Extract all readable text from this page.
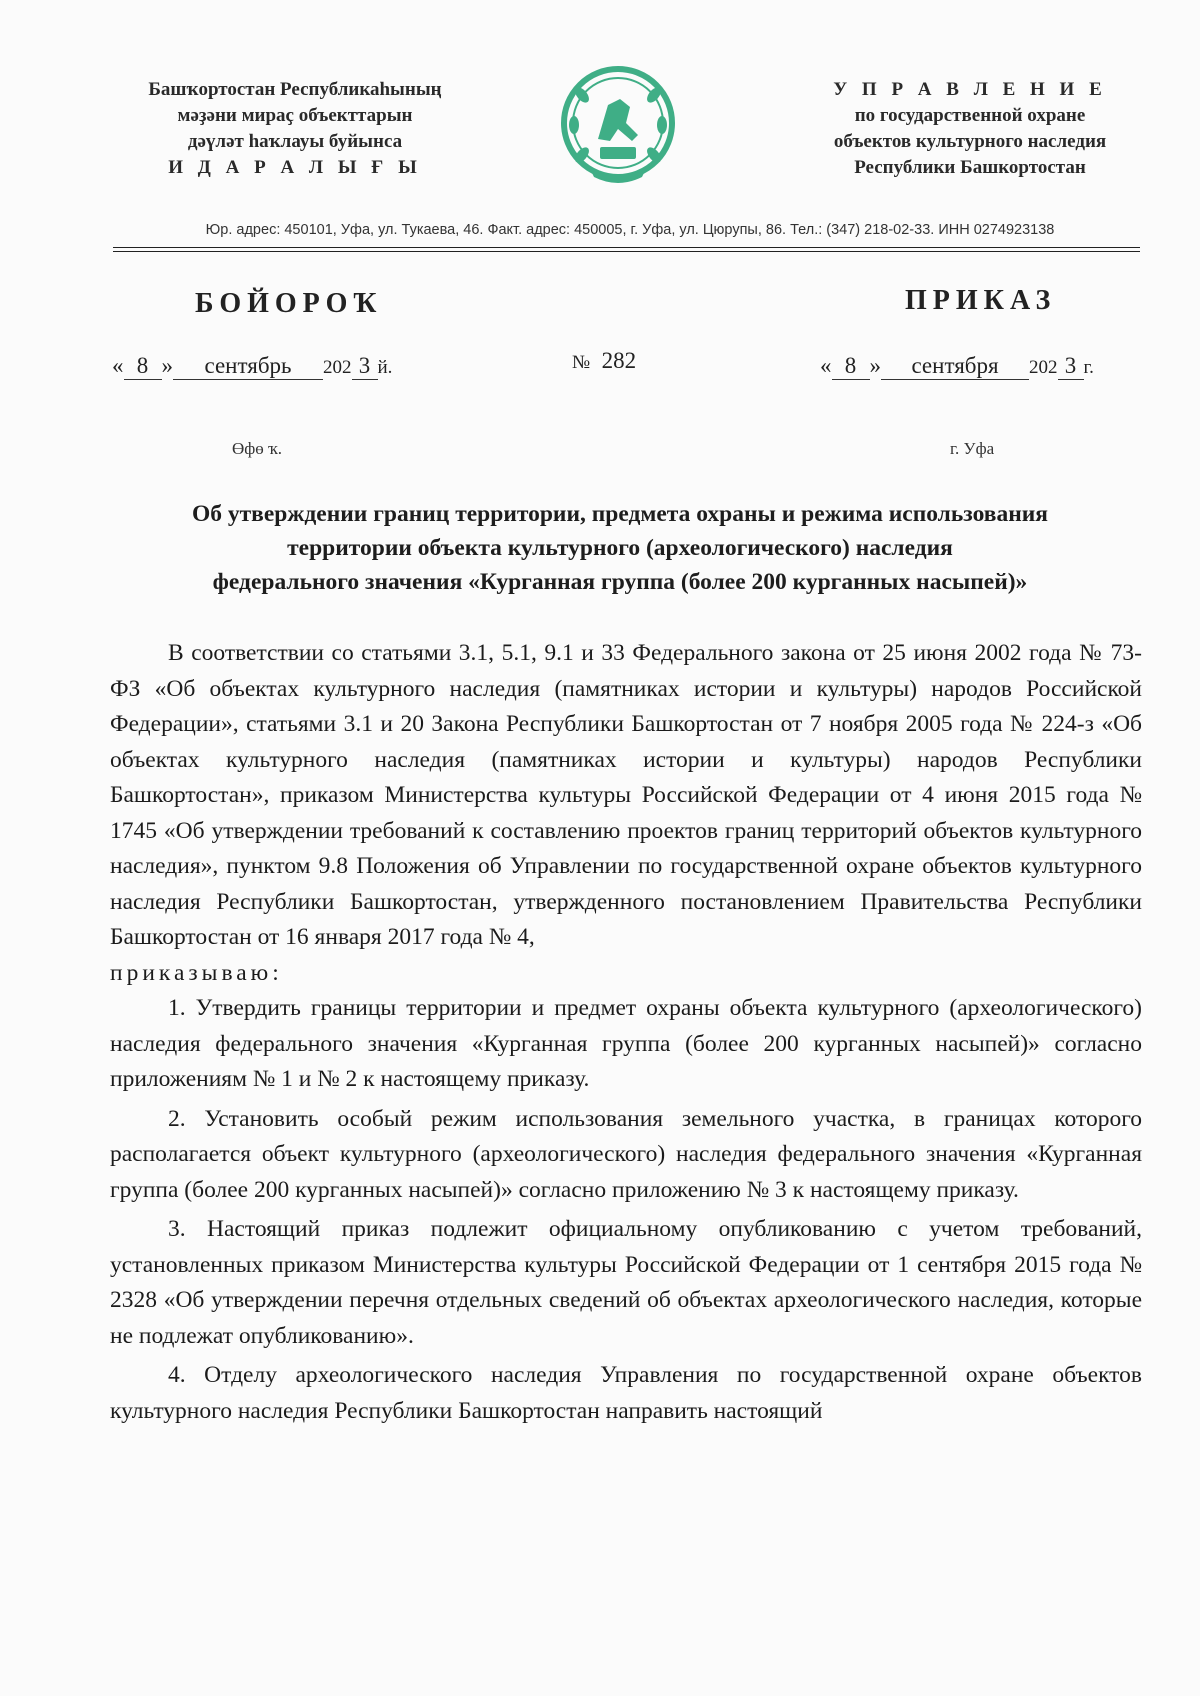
Башҡортостан Республикаһының
мәҙәни мираҫ объекттарын
дәүләт һаҡлауы буйынса
И Д А Р А Л Ы Ғ Ы
У П Р А В Л Е Н И Е
по государственной охране
объектов культурного наследия
Республики Башкортостан
Юр. адрес: 450101, Уфа, ул. Тукаева, 46. Факт. адрес: 450005, г. Уфа, ул. Цюрупы, 86. Тел.: (347) 218-02-33. ИНН 0274923138
БОЙОРОҠ	ПРИКАЗ
« 8 » сентябрь 202 3 й.	№ 282	« 8 » сентября 202 3 г.
Өфө ҡ.	г. Уфа
Об утверждении границ территории, предмета охраны и режима использования
территории объекта культурного (археологического) наследия
федерального значения «Курганная группа (более 200 курганных насыпей)»

В соответствии со статьями 3.1, 5.1, 9.1 и 33 Федерального закона от 25 июня 2002 года № 73-ФЗ «Об объектах культурного наследия (памятниках истории и культуры) народов Российской Федерации», статьями 3.1 и 20 Закона Республики Башкортостан от 7 ноября 2005 года № 224-з «Об объектах культурного наследия (памятниках истории и культуры) народов Республики Башкортостан», приказом Министерства культуры Российской Федерации от 4 июня 2015 года № 1745 «Об утверждении требований к составлению проектов границ территорий объектов культурного наследия», пунктом 9.8 Положения об Управлении по государственной охране объектов культурного наследия Республики Башкортостан, утвержденного постановлением Правительства Республики Башкортостан от 16 января 2017 года № 4,

приказываю:

1. Утвердить границы территории и предмет охраны объекта культурного (археологического) наследия федерального значения «Курганная группа (более 200 курганных насыпей)» согласно приложениям № 1 и № 2 к настоящему приказу.

2. Установить особый режим использования земельного участка, в границах которого располагается объект культурного (археологического) наследия федерального значения «Курганная группа (более 200 курганных насыпей)» согласно приложению № 3 к настоящему приказу.

3. Настоящий приказ подлежит официальному опубликованию с учетом требований, установленных приказом Министерства культуры Российской Федерации от 1 сентября 2015 года № 2328 «Об утверждении перечня отдельных сведений об объектах археологического наследия, которые не подлежат опубликованию».

4. Отделу археологического наследия Управления по государственной охране объектов культурного наследия Республики Башкортостан направить настоящий
